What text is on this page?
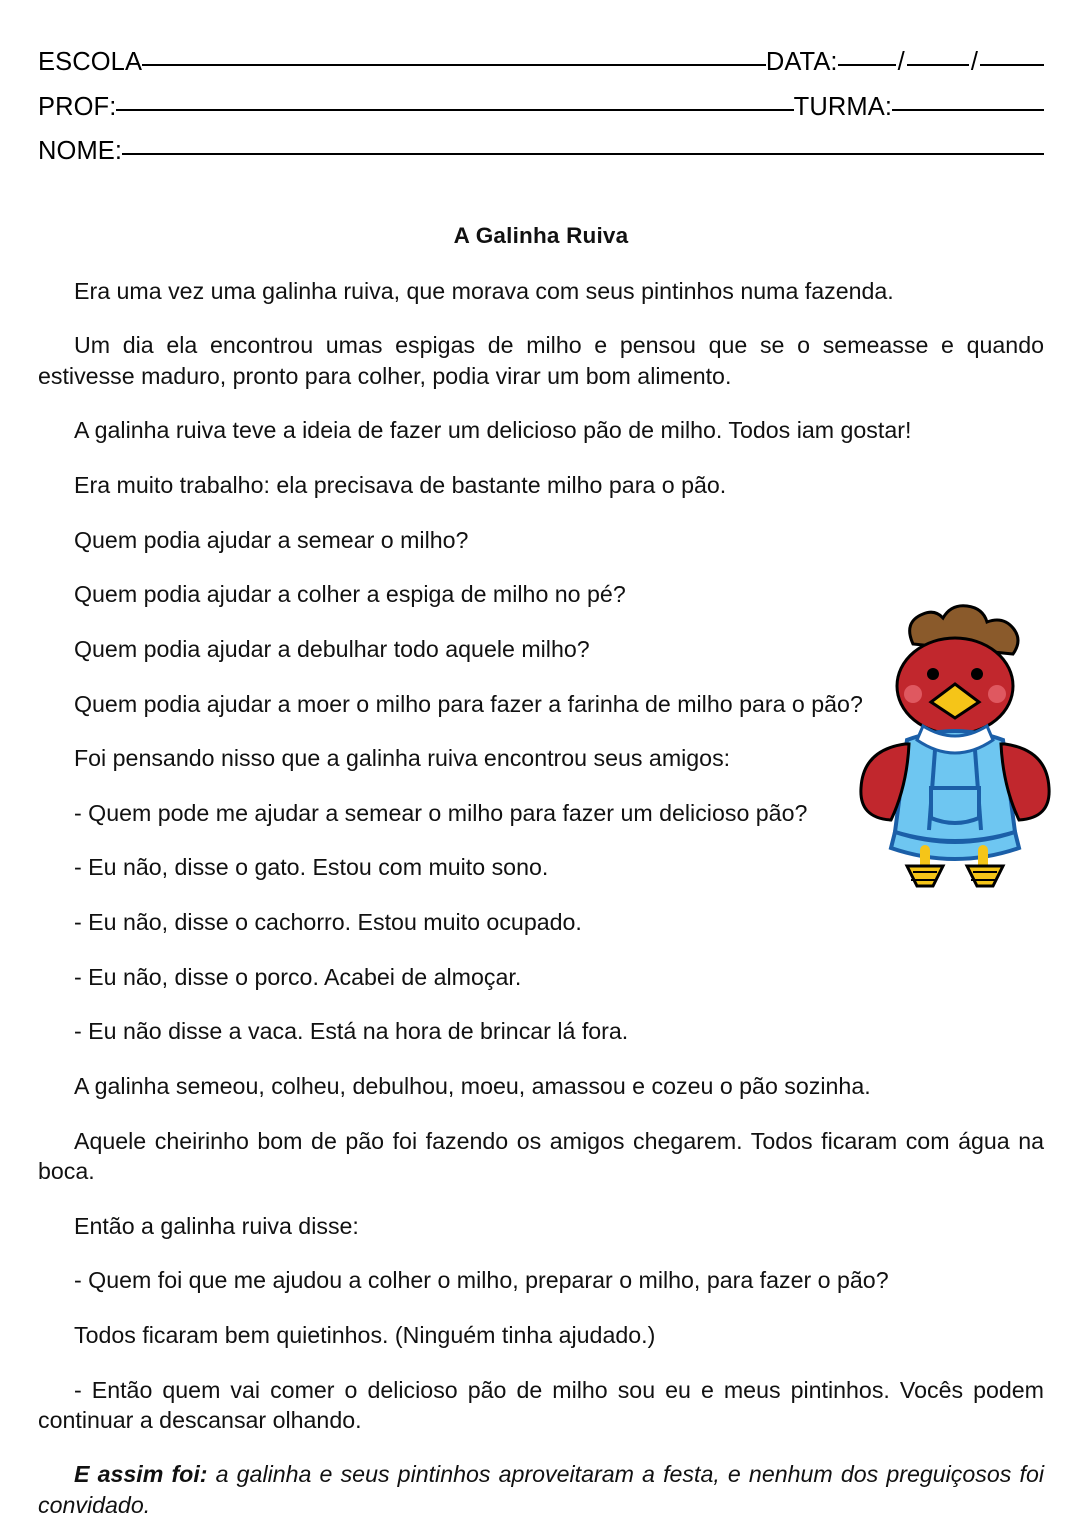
ESCOLA	DATA: /	/
PROF:	TURMA:
NOME:
A Galinha Ruiva

Era uma vez uma galinha ruiva, que morava com seus pintinhos numa fazenda.

Um dia ela encontrou umas espigas de milho e pensou que se o semeasse e quando estivesse maduro, pronto para colher, podia virar um bom alimento.

A galinha ruiva teve a ideia de fazer um delicioso pão de milho. Todos iam gostar!

Era muito trabalho: ela precisava de bastante milho para o pão.

Quem podia ajudar a semear o milho?

Quem podia ajudar a colher a espiga de milho no pé?

Quem podia ajudar a debulhar todo aquele milho?

Quem podia ajudar a moer o milho para fazer a farinha de milho para o pão?

Foi pensando nisso que a galinha ruiva encontrou seus amigos:

- Quem pode me ajudar a semear o milho para fazer um delicioso pão?

- Eu não, disse o gato. Estou com muito sono.

- Eu não, disse o cachorro. Estou muito ocupado.

- Eu não, disse o porco. Acabei de almoçar.

- Eu não disse a vaca. Está na hora de brincar lá fora.

A galinha semeou, colheu, debulhou, moeu, amassou e cozeu o pão sozinha.

Aquele cheirinho bom de pão foi fazendo os amigos chegarem. Todos ficaram com água na boca.

Então a galinha ruiva disse:

- Quem foi que me ajudou a colher o milho, preparar o milho, para fazer o pão?

Todos ficaram bem quietinhos. (Ninguém tinha ajudado.)

- Então quem vai comer o delicioso pão de milho sou eu e meus pintinhos. Vocês podem continuar a descansar olhando.

E assim foi: a galinha e seus pintinhos aproveitaram a festa, e nenhum dos preguiçosos foi convidado.
